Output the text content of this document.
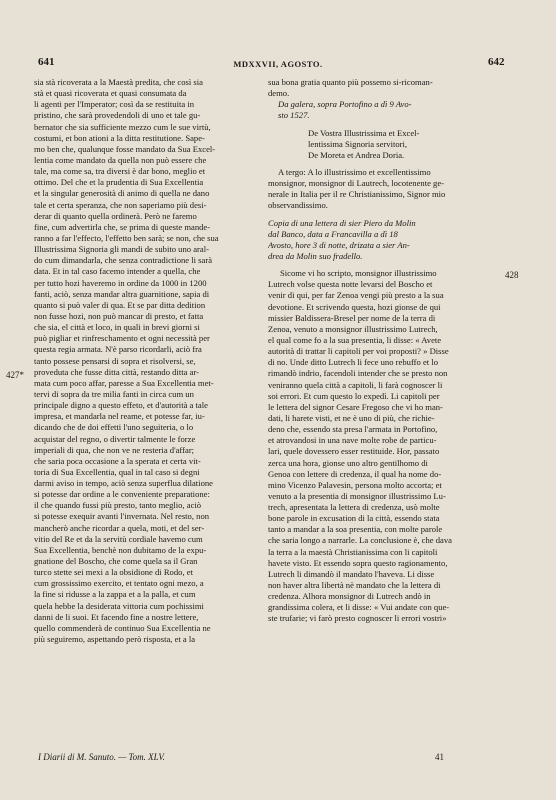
641	MDXXVII, AGOSTO.	642
427*
428
sia stà ricoverata a la Maestà predita, che così sia
stà et quasi ricoverata et quasi consumata da
li agenti per l'Imperator; così da se restituita in
pristino, che sarà provedendoli di uno et tale gu-
bernator che sia sufficiente mezzo cum le sue virtù,
costumi, et bon ationi a la ditta restitutione. Sape-
mo ben che, qualunque fosse mandato da Sua Excel-
lentia come mandato da quella non può essere che
tale, ma come sa, tra diversi è dar bono, meglio et
ottimo. Del che et la prudentia di Sua Excellentia
et la singular generosità di animo di quella ne dano
tale et certa speranza, che non saperiamo più desi-
derar di quanto quella ordinerà. Però ne faremo
fine, cum advertirla che, se prima di queste mande-
ranno a far l'effecto, l'effetto ben sarà; se non, che sua
Illustrissima Signoria gli mandi de subito uno aral-
do cum dimandarla, che senza contradictione li sarà
data. Et in tal caso facemo intender a quella, che
per tutto hozi haveremo in ordine da 1000 in 1200
fanti, aciò, senza mandar altra guarnitione, sapia di
quanto si può valer di qua. Et se par ditta dedition
non fusse hozi, non può mancar di presto, et fatta
che sia, el città et loco, in quali in brevi giorni si
può pigliar et rinfreschamento et ogni necessità per
questa regia armata. N'è parso ricordarli, aciò fra
tanto possese pensarsi di sopra et risolversi, se,
proveduta che fusse ditta città, restando ditta ar-
mata cum poco affar, paresse a Sua Excellentia met-
tervi di sopra da tre milia fanti in circa cum un
principale digno a questo effeto, et d'autorità a tale
impresa, et mandarla nel reame, et potesse far, iu-
dicando che de doi effetti l'uno seguiteria, o lo
acquistar del regno, o divertir talmente le forze
imperiali di qua, che non ve ne resteria d'affar;
che saria poca occasione a la sperata et certa vit-
toria di Sua Excellentia, qual in tal caso si degni
darmi aviso in tempo, aciò senza superflua dilatione
si potesse dar ordine a le conveniente preparatione:
il che quando fussi più presto, tanto meglio, aciò
si potesse exequir avanti l'invernata. Nel resto, non
mancherò anche ricordar a quela, moti, et del ser-
vitio del Re et da la servitù cordiale havemo cum
Sua Excellentia, benchè non dubitamo de la expu-
gnatione del Boscho, che come quela sa il Gran
turco stette sei mexi a la obsidione di Rodo, et
cum grossissimo exercito, et tentato ogni mezo, a
la fine si ridusse a la zappa et a la palla, et cum
quela hebbe la desiderata vittoria cum pochissimi
danni de li suoi. Et facendo fine a nostre lettere,
quello commenderà de continuo Sua Excellentia ne
più seguiremo, aspettando però risposta, et a la
sua bona gratia quanto più possemo si-ricoman-
demo.
Da galera, sopra Portofino a dì 9 Avo-
sto 1527.
De Vostra Illustrissima et Excel-
lentissima Signoria servitori,
De Moreta et Andrea Doria.
A tergo: A lo illustrissimo et excellentissimo
monsignor, monsignor di Lautrech, locotenente ge-
nerale in Italia per il re Christianissimo, Signor mio
observandissimo.
Copia di una lettera di sier Piero da Molin
dal Banco, data a Francavilla a dì 18
Avosto, hore 3 di notte, drizata a sier An-
drea da Molin suo fradello.
Sicome vi ho scripto, monsignor illustrissimo
Lutrech volse questa notte levarsi del Boscho et
venir di qui, per far Zenoa vengi più presto a la sua
devotione. Et scrivendo questa, hozi gionse de qui
missier Baldissera-Bresel per nome de la terra di
Zenoa, venuto a monsignor illustrissimo Lutrech,
el qual come fo a la sua presentia, li disse: « Avete
autorità di trattar li capitoli per voi proposti? » Disse
di no. Unde ditto Lutrech li fece uno rebuffo et lo
rimandò indrio, facendoli intender che se presto non
veniranno quela città a capitoli, li farà cognoscer li
soi errori. Et cum questo lo expedì. Li capitoli per
le lettera del signor Cesare Fregoso che vi ho man-
dati, li harete visti, et ne è uno di più, che richie-
deno che, essendo sta presa l'armata in Portofino,
et atrovandosi in una nave molte robe de particu-
lari, quele dovessero esser restituide. Hor, passato
zerca una hora, gionse uno altro gentilhomo di
Genoa con lettere di credenza, il qual ha nome do-
mino Vicenzo Palavesin, persona molto accorta; et
venuto a la presentia di monsignor illustrissimo Lu-
trech, apresentata la lettera di credenza, usò molte
bone parole in excusation di la città, essendo stata
tanto a mandar a la soa presentia, con molte parole
che saria longo a narrarle. La conclusione è, che dava
la terra a la maestà Christianissima con li capitoli
havete visto. Et essendo sopra questo ragionamento,
Lutrech li dimandò il mandato l'haveva. Li disse
non haver altra libertà nè mandato che la lettera di
credenza. Alhora monsignor di Lutrech andò in
grandissima colera, et li disse: « Vui andate con que-
ste trufarie; vi farò presto cognoscer li errori vostri»
I Diarii di M. Sanuto. — Tom. XLV.	41
